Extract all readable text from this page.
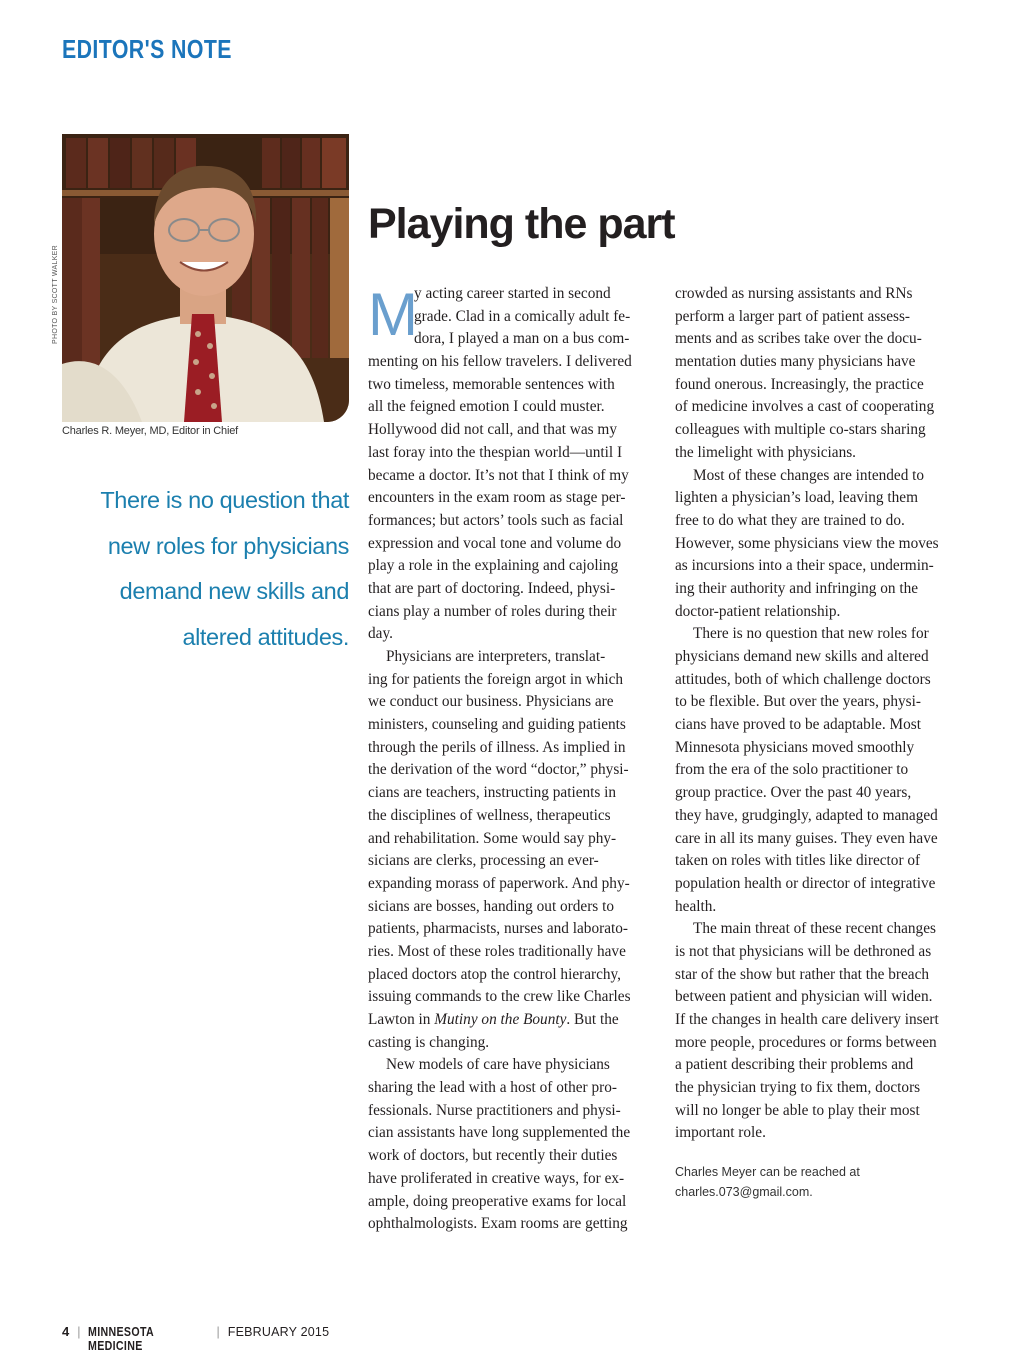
EDITOR'S NOTE
PHOTO BY SCOTT WALKER
Charles R. Meyer, MD, Editor in Chief
There is no question that
new roles for physicians
demand new skills and
altered attitudes.
Playing the part
M
y acting career started in second
grade. Clad in a comically adult fe-
dora, I played a man on a bus com-
menting on his fellow travelers. I delivered
two timeless, memorable sentences with
all the feigned emotion I could muster.
Hollywood did not call, and that was my
last foray into the thespian world—until I
became a doctor. It’s not that I think of my
encounters in the exam room as stage per-
formances; but actors’ tools such as facial
expression and vocal tone and volume do
play a role in the explaining and cajoling
that are part of doctoring. Indeed, physi-
cians play a number of roles during their
day.
Physicians are interpreters, translat-
ing for patients the foreign argot in which
we conduct our business. Physicians are
ministers, counseling and guiding patients
through the perils of illness. As implied in
the derivation of the word “doctor,” physi-
cians are teachers, instructing patients in
the disciplines of wellness, therapeutics
and rehabilitation. Some would say phy-
sicians are clerks, processing an ever-
expanding morass of paperwork. And phy-
sicians are bosses, handing out orders to
patients, pharmacists, nurses and laborato-
ries. Most of these roles traditionally have
placed doctors atop the control hierarchy,
issuing commands to the crew like Charles
Lawton in Mutiny on the Bounty. But the
casting is changing.
New models of care have physicians
sharing the lead with a host of other pro-
fessionals. Nurse practitioners and physi-
cian assistants have long supplemented the
work of doctors, but recently their duties
have proliferated in creative ways, for ex-
ample, doing preoperative exams for local
ophthalmologists. Exam rooms are getting
crowded as nursing assistants and RNs
perform a larger part of patient assess-
ments and as scribes take over the docu-
mentation duties many physicians have
found onerous. Increasingly, the practice
of medicine involves a cast of cooperating
colleagues with multiple co-stars sharing
the limelight with physicians.
Most of these changes are intended to
lighten a physician’s load, leaving them
free to do what they are trained to do.
However, some physicians view the moves
as incursions into a their space, undermin-
ing their authority and infringing on the
doctor-patient relationship.
There is no question that new roles for
physicians demand new skills and altered
attitudes, both of which challenge doctors
to be flexible. But over the years, physi-
cians have proved to be adaptable. Most
Minnesota physicians moved smoothly
from the era of the solo practitioner to
group practice. Over the past 40 years,
they have, grudgingly, adapted to managed
care in all its many guises. They even have
taken on roles with titles like director of
population health or director of integrative
health.
The main threat of these recent changes
is not that physicians will be dethroned as
star of the show but rather that the breach
between patient and physician will widen.
If the changes in health care delivery insert
more people, procedures or forms between
a patient describing their problems and
the physician trying to fix them, doctors
will no longer be able to play their most
important role.
Charles Meyer can be reached at
charles.073@gmail.com.
4 | MINNESOTA MEDICINE
| FEBRUARY 2015
